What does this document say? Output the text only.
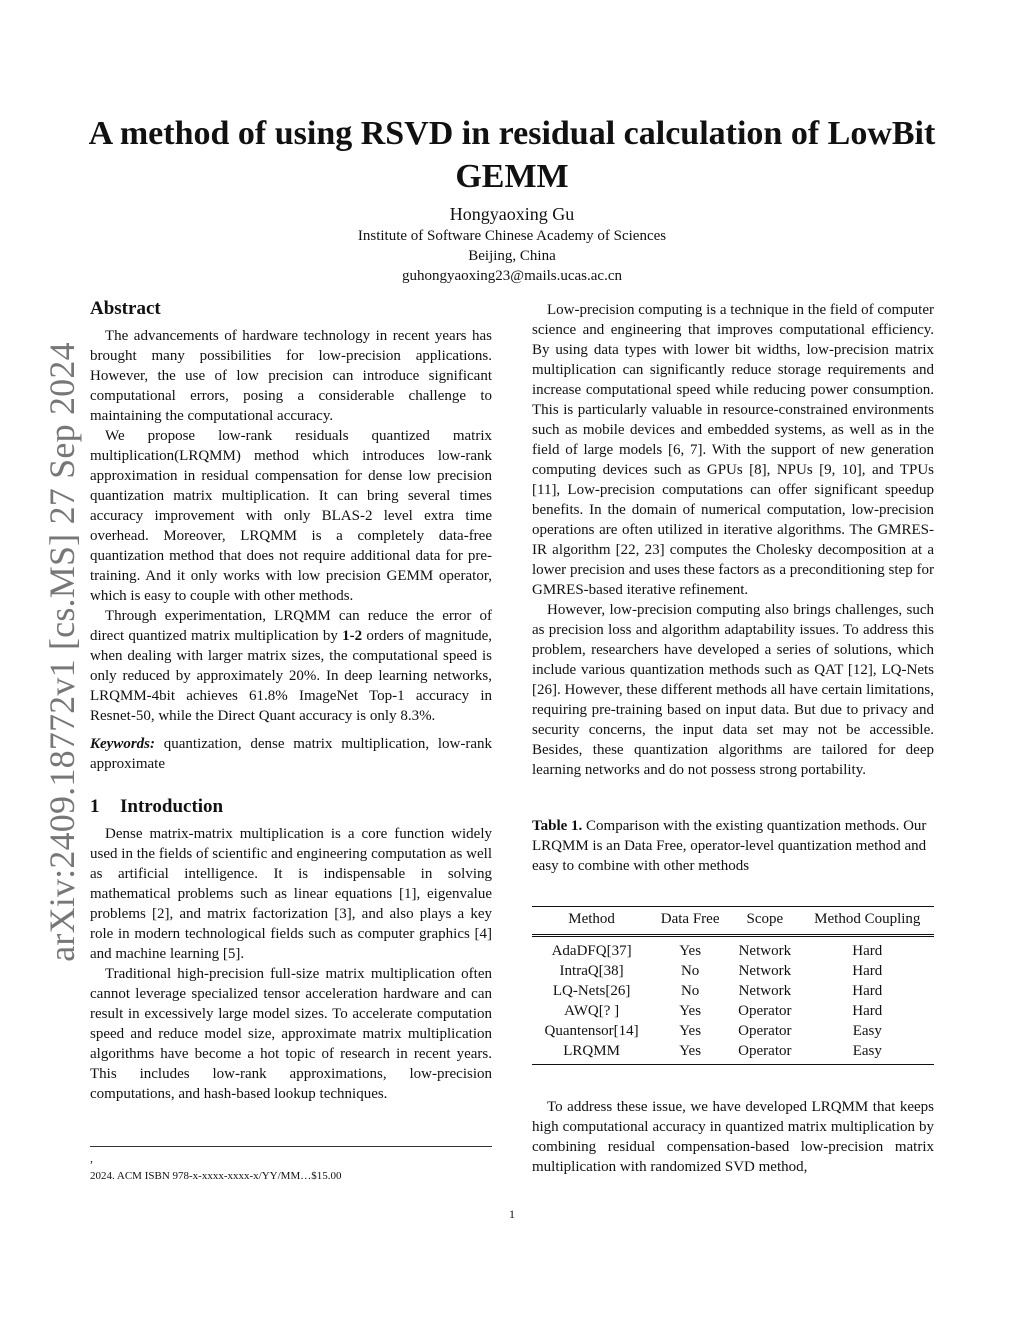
arXiv:2409.18772v1 [cs.MS] 27 Sep 2024
A method of using RSVD in residual calculation of LowBit GEMM
Hongyaoxing Gu
Institute of Software Chinese Academy of Sciences
Beijing, China
guhongyaoxing23@mails.ucas.ac.cn
Abstract

The advancements of hardware technology in recent years has brought many possibilities for low-precision applications. However, the use of low precision can introduce significant computational errors, posing a considerable challenge to maintaining the computational accuracy.

We propose low-rank residuals quantized matrix multiplication(LRQMM) method which introduces low-rank approximation in residual compensation for dense low precision quantization matrix multiplication. It can bring several times accuracy improvement with only BLAS-2 level extra time overhead. Moreover, LRQMM is a completely data-free quantization method that does not require additional data for pre-training. And it only works with low precision GEMM operator, which is easy to couple with other methods.

Through experimentation, LRQMM can reduce the error of direct quantized matrix multiplication by 1-2 orders of magnitude, when dealing with larger matrix sizes, the computational speed is only reduced by approximately 20%. In deep learning networks, LRQMM-4bit achieves 61.8% ImageNet Top-1 accuracy in Resnet-50, while the Direct Quant accuracy is only 8.3%.

Keywords: quantization, dense matrix multiplication, low-rank approximate

1 Introduction

Dense matrix-matrix multiplication is a core function widely used in the fields of scientific and engineering computation as well as artificial intelligence. It is indispensable in solving mathematical problems such as linear equations [1], eigenvalue problems [2], and matrix factorization [3], and also plays a key role in modern technological fields such as computer graphics [4] and machine learning [5].

Traditional high-precision full-size matrix multiplication often cannot leverage specialized tensor acceleration hardware and can result in excessively large model sizes. To accelerate computation speed and reduce model size, approximate matrix multiplication algorithms have become a hot topic of research in recent years. This includes low-rank approximations, low-precision computations, and hash-based lookup techniques.

,
2024. ACM ISBN 978-x-xxxx-xxxx-x/YY/MM…$15.00

Low-precision computing is a technique in the field of computer science and engineering that improves computational efficiency. By using data types with lower bit widths, low-precision matrix multiplication can significantly reduce storage requirements and increase computational speed while reducing power consumption. This is particularly valuable in resource-constrained environments such as mobile devices and embedded systems, as well as in the field of large models [6, 7]. With the support of new generation computing devices such as GPUs [8], NPUs [9, 10], and TPUs [11], Low-precision computations can offer significant speedup benefits. In the domain of numerical computation, low-precision operations are often utilized in iterative algorithms. The GMRES-IR algorithm [22, 23] computes the Cholesky decomposition at a lower precision and uses these factors as a preconditioning step for GMRES-based iterative refinement.

However, low-precision computing also brings challenges, such as precision loss and algorithm adaptability issues. To address this problem, researchers have developed a series of solutions, which include various quantization methods such as QAT [12], LQ-Nets [26]. However, these different methods all have certain limitations, requiring pre-training based on input data. But due to privacy and security concerns, the input data set may not be accessible. Besides, these quantization algorithms are tailored for deep learning networks and do not possess strong portability.

Table 1. Comparison with the existing quantization methods. Our LRQMM is an Data Free, operator-level quantization method and easy to combine with other methods

Method	Data Free	Scope	Method Coupling
AdaDFQ[37]	Yes	Network	Hard
IntraQ[38]	No	Network	Hard
LQ-Nets[26]	No	Network	Hard
AWQ[? ]	Yes	Operator	Hard
Quantensor[14]	Yes	Operator	Easy
LRQMM	Yes	Operator	Easy

To address these issue, we have developed LRQMM that keeps high computational accuracy in quantized matrix multiplication by combining residual compensation-based low-precision matrix multiplication with randomized SVD method,

1
